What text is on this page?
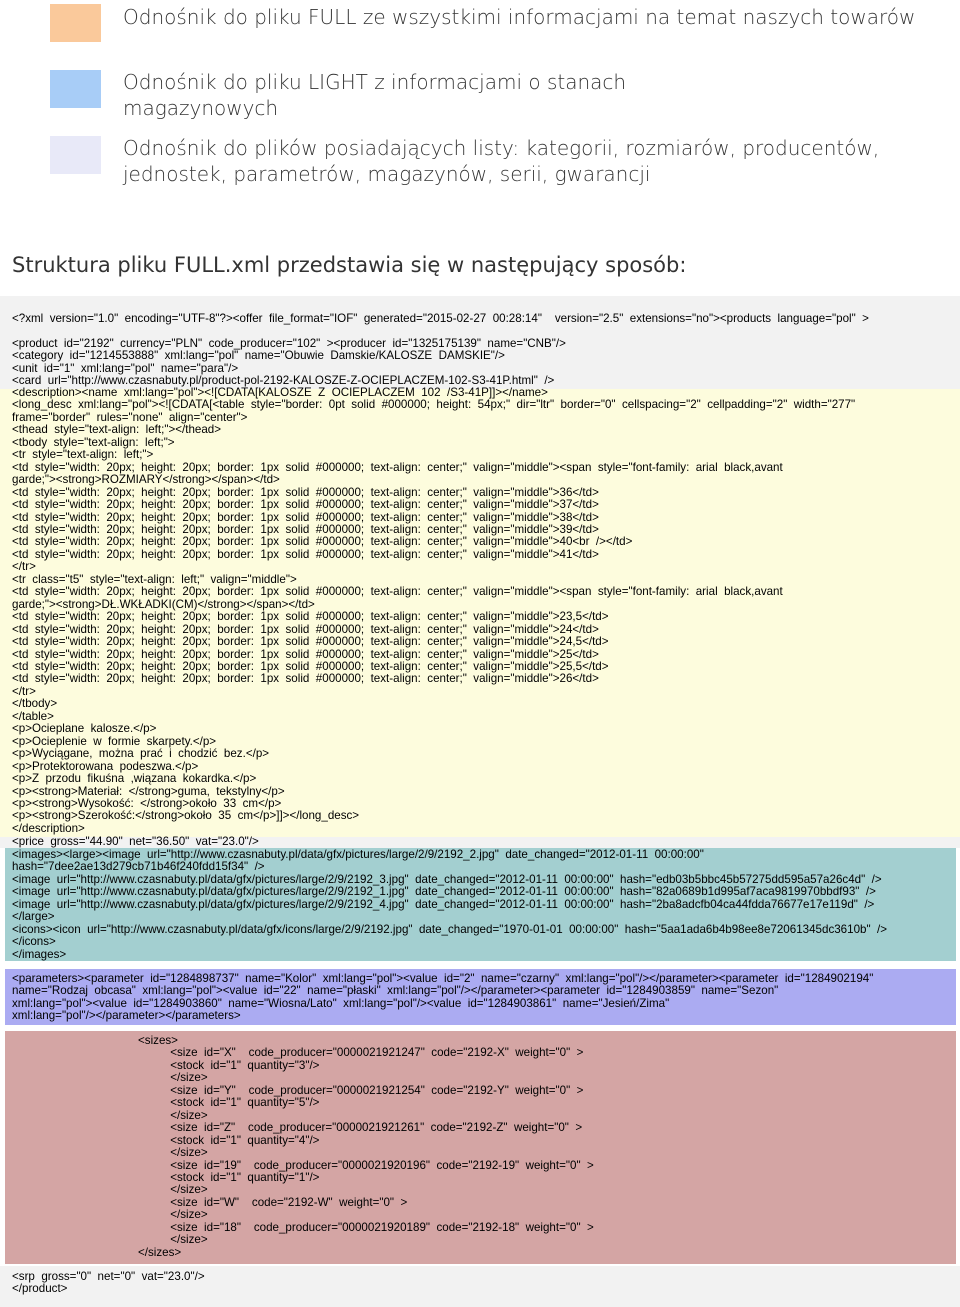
Odnośnik do pliku FULL ze wszystkimi informacjami na temat naszych towarów
Odnośnik do pliku LIGHT z informacjami o stanach magazynowych
Odnośnik do plików posiadających listy: kategorii, rozmiarów, producentów, jednostek, parametrów, magazynów, serii, gwarancji
Struktura pliku FULL.xml przedstawia się w następujący sposób:
<?xml  version="1.0"  encoding="UTF-8"?><offer  file_format="IOF"  generated="2015-02-27  00:28:14"    version="2.5"  extensions="no"><products  language="pol"  >
<product  id="2192"  currency="PLN"  code_producer="102"  ><producer  id="1325175139"  name="CNB"/>
<category  id="1214553888"  xml:lang="pol"  name="Obuwie  Damskie/KALOSZE  DAMSKIE"/>
<unit  id="1"  xml:lang="pol"  name="para"/>
<card  url="http://www.czasnabuty.pl/product-pol-2192-KALOSZE-Z-OCIEPLACZEM-102-S3-41P.html"  />
<description><name  xml:lang="pol"><![CDATA[KALOSZE  Z  OCIEPLACZEM  102  /S3-41P]]></name>
<long_desc  xml:lang="pol"><![CDATA[<table  style="border:  0pt  solid  #000000;  height:  54px;"  dir="ltr"  border="0"  cellspacing="2"  cellpadding="2"  width="277"
frame="border"  rules="none"  align="center">
<thead  style="text-align:  left;"></thead>
<tbody  style="text-align:  left;">
<tr  style="text-align:  left;">
<td  style="width:  20px;  height:  20px;  border:  1px  solid  #000000;  text-align:  center;"  valign="middle"><span  style="font-family:  arial  black,avant
garde;"><strong>ROZMIARY</strong></span></td>
<td  style="width:  20px;  height:  20px;  border:  1px  solid  #000000;  text-align:  center;"  valign="middle">36</td>
<td  style="width:  20px;  height:  20px;  border:  1px  solid  #000000;  text-align:  center;"  valign="middle">37</td>
<td  style="width:  20px;  height:  20px;  border:  1px  solid  #000000;  text-align:  center;"  valign="middle">38</td>
<td  style="width:  20px;  height:  20px;  border:  1px  solid  #000000;  text-align:  center;"  valign="middle">39</td>
<td  style="width:  20px;  height:  20px;  border:  1px  solid  #000000;  text-align:  center;"  valign="middle">40<br  /></td>
<td  style="width:  20px;  height:  20px;  border:  1px  solid  #000000;  text-align:  center;"  valign="middle">41</td>
</tr>
<tr  class="t5"  style="text-align:  left;"  valign="middle">
<td  style="width:  20px;  height:  20px;  border:  1px  solid  #000000;  text-align:  center;"  valign="middle"><span  style="font-family:  arial  black,avant
garde;"><strong>DŁ.WKŁADKI(CM)</strong></span></td>
<td  style="width:  20px;  height:  20px;  border:  1px  solid  #000000;  text-align:  center;"  valign="middle">23,5</td>
<td  style="width:  20px;  height:  20px;  border:  1px  solid  #000000;  text-align:  center;"  valign="middle">24</td>
<td  style="width:  20px;  height:  20px;  border:  1px  solid  #000000;  text-align:  center;"  valign="middle">24,5</td>
<td  style="width:  20px;  height:  20px;  border:  1px  solid  #000000;  text-align:  center;"  valign="middle">25</td>
<td  style="width:  20px;  height:  20px;  border:  1px  solid  #000000;  text-align:  center;"  valign="middle">25,5</td>
<td  style="width:  20px;  height:  20px;  border:  1px  solid  #000000;  text-align:  center;"  valign="middle">26</td>
</tr>
</tbody>
</table>
<p>Ocieplane  kalosze.</p>
<p>Ocieplenie  w  formie  skarpety.</p>
<p>Wyciągane,  można  prać  i  chodzić  bez.</p>
<p>Protektorowana  podeszwa.</p>
<p>Z  przodu  fikuśna  ,wiązana  kokardka.</p>
<p><strong>Materiał:  </strong>guma,  tekstylny</p>
<p><strong>Wysokość:  </strong>około  33  cm</p>
<p><strong>Szerokość:</strong>około  35  cm</p>]]></long_desc>
</description>
<price  gross="44.90"  net="36.50"  vat="23.0"/>
<images><large><image  url="http://www.czasnabuty.pl/data/gfx/pictures/large/2/9/2192_2.jpg"  date_changed="2012-01-11  00:00:00"
hash="7dee2ae13d279cb71b46f240fdd15f34"  />
<image  url="http://www.czasnabuty.pl/data/gfx/pictures/large/2/9/2192_3.jpg"  date_changed="2012-01-11  00:00:00"  hash="edb03b5bbc45b57275dd595a57a26c4d"  />
<image  url="http://www.czasnabuty.pl/data/gfx/pictures/large/2/9/2192_1.jpg"  date_changed="2012-01-11  00:00:00"  hash="82a0689b1d995af7aca9819970bbdf93"  />
<image  url="http://www.czasnabuty.pl/data/gfx/pictures/large/2/9/2192_4.jpg"  date_changed="2012-01-11  00:00:00"  hash="2ba8adcfb04ca44fdda76677e17e119d"  />
</large>
<icons><icon  url="http://www.czasnabuty.pl/data/gfx/icons/large/2/9/2192.jpg"  date_changed="1970-01-01  00:00:00"  hash="5aa1ada6b4b98ee8e72061345dc3610b"  />
</icons>
</images>
<parameters><parameter  id="1284898737"  name="Kolor"  xml:lang="pol"><value  id="2"  name="czarny"  xml:lang="pol"/></parameter><parameter  id="1284902194"
name="Rodzaj  obcasa"  xml:lang="pol"><value  id="22"  name="płaski"  xml:lang="pol"/></parameter><parameter  id="1284903859"  name="Sezon"
xml:lang="pol"><value  id="1284903860"  name="Wiosna/Lato"  xml:lang="pol"/><value  id="1284903861"  name="Jesień/Zima"
xml:lang="pol"/></parameter></parameters>
<sizes>
<size  id="X"    code_producer="0000021921247"  code="2192-X"  weight="0"  >
<stock  id="1"  quantity="3"/>
</size>
<size  id="Y"    code_producer="0000021921254"  code="2192-Y"  weight="0"  >
<stock  id="1"  quantity="5"/>
</size>
<size  id="Z"    code_producer="0000021921261"  code="2192-Z"  weight="0"  >
<stock  id="1"  quantity="4"/>
</size>
<size  id="19"    code_producer="0000021920196"  code="2192-19"  weight="0"  >
<stock  id="1"  quantity="1"/>
</size>
<size  id="W"    code="2192-W"  weight="0"  >
</size>
<size  id="18"    code_producer="0000021920189"  code="2192-18"  weight="0"  >
</size>
</sizes>
<srp  gross="0"  net="0"  vat="23.0"/>
</product>
